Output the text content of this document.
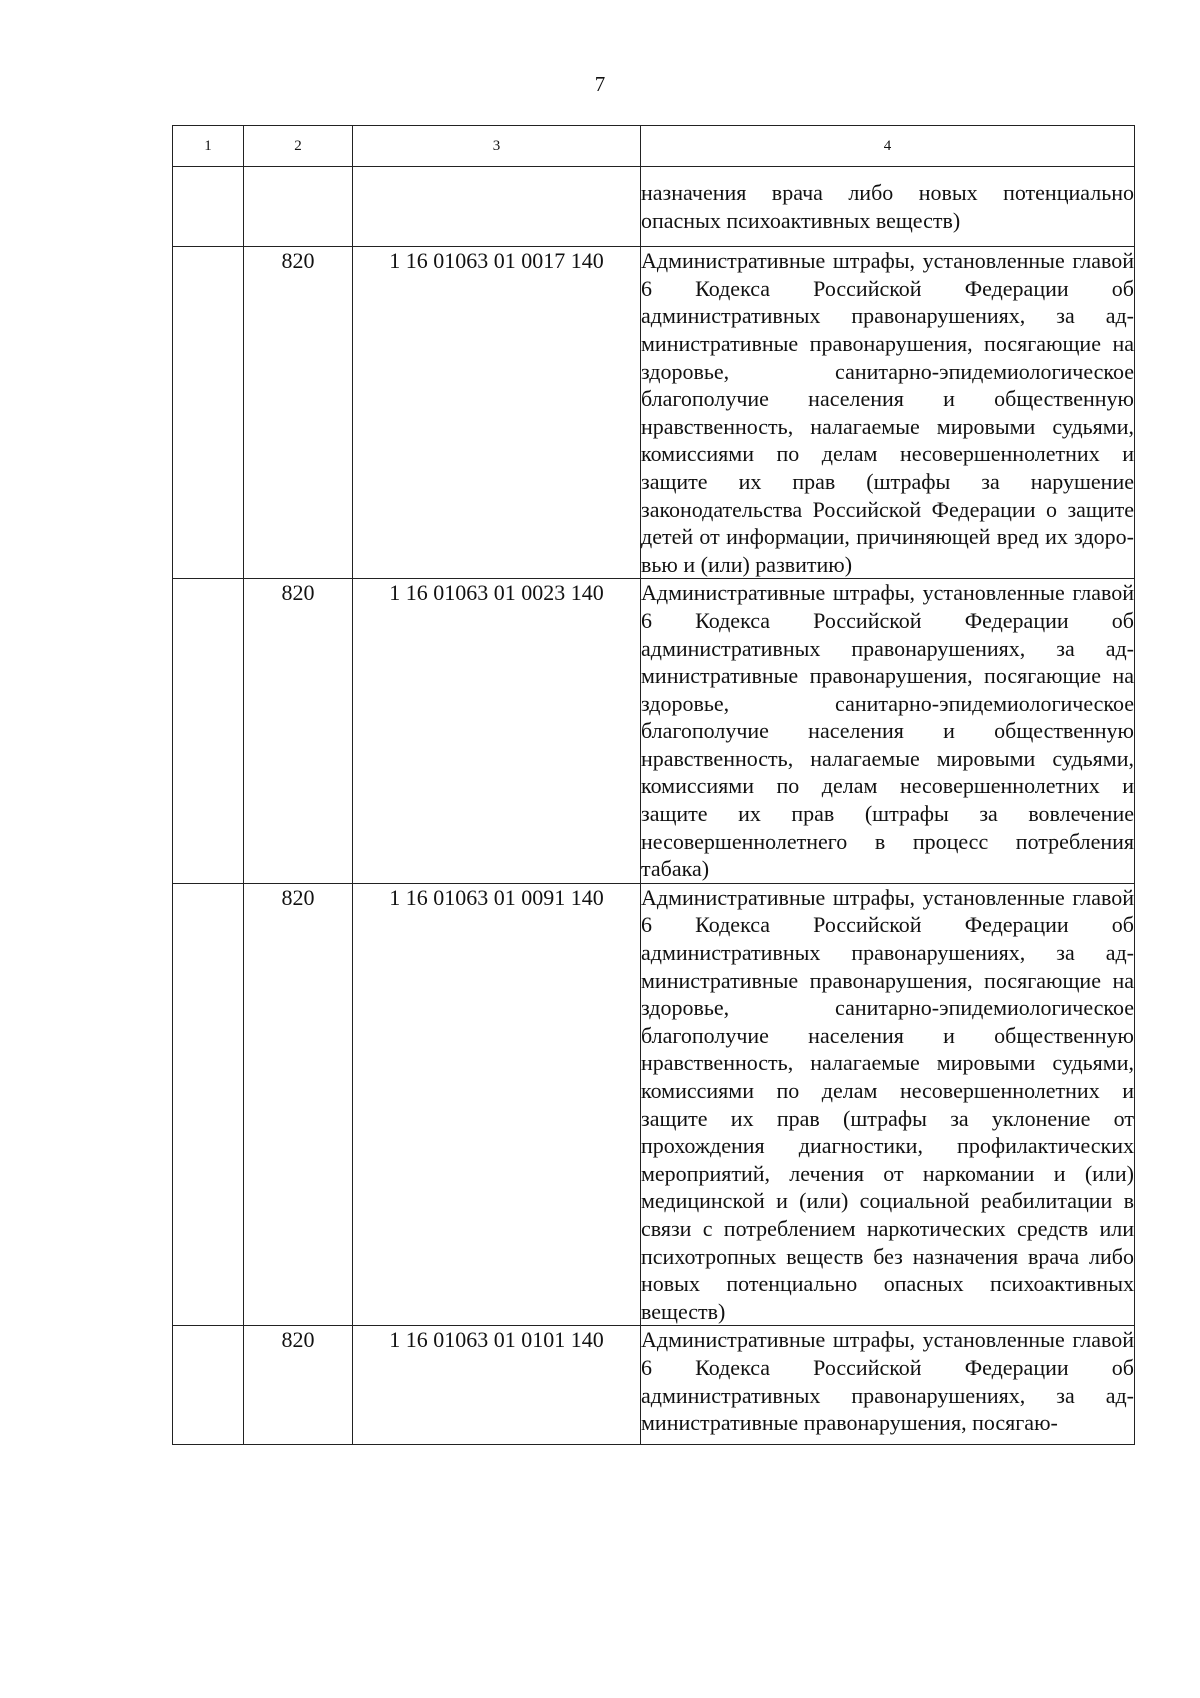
7
1	2	3	4
			назначения врача либо новых потенциально опасных психоактивных веществ)
	820	1 16 01063 01 0017 140	Административные штрафы, установленные главой 6 Кодекса Российской Федерации об административных правонарушениях, за административные правонарушения, посягающие на здоровье, санитарно-эпидемиологическое благополучие населения и общественную нравственность, налагаемые мировыми судьями, комиссиями по делам несовершеннолетних и защите их прав (штрафы за нарушение законодательства Российской Федерации о защите детей от информации, причиняющей вред их здоровью и (или) развитию)
	820	1 16 01063 01 0023 140	Административные штрафы, установленные главой 6 Кодекса Российской Федерации об административных правонарушениях, за административные правонарушения, посягающие на здоровье, санитарно-эпидемиологическое благополучие населения и общественную нравственность, налагаемые мировыми судьями, комиссиями по делам несовершеннолетних и защите их прав (штрафы за вовлечение несовершеннолетнего в процесс потребления табака)
	820	1 16 01063 01 0091 140	Административные штрафы, установленные главой 6 Кодекса Российской Федерации об административных правонарушениях, за административные правонарушения, посягающие на здоровье, санитарно-эпидемиологическое благополучие населения и общественную нравственность, налагаемые мировыми судьями, комиссиями по делам несовершеннолетних и защите их прав (штрафы за уклонение от прохождения диагностики, профилактических мероприятий, лечения от наркомании и (или) медицинской и (или) социальной реабилитации в связи с потреблением наркотических средств или психотропных веществ без назначения врача либо новых потенциально опасных психоактивных веществ)
	820	1 16 01063 01 0101 140	Административные штрафы, установленные главой 6 Кодекса Российской Федерации об административных правонарушениях, за административные правонарушения, посягаю-
